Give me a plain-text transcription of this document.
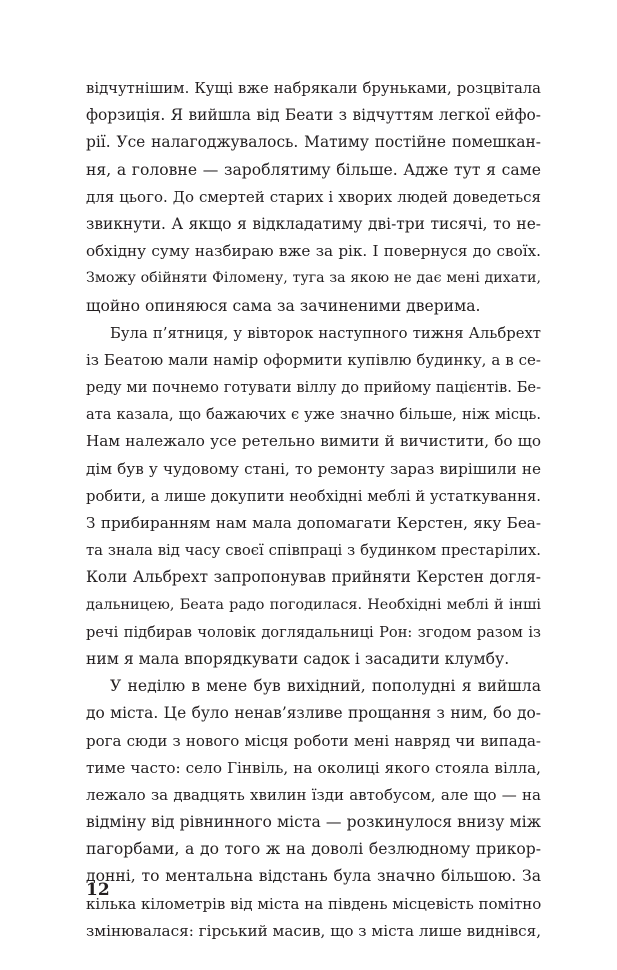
відчутнішим. Кущі вже набрякали бруньками, розцвітала
форзиція. Я вийшла від Беати з відчуттям легкої ейфо-
рії. Усе налагоджувалось. Матиму постійне помешкан-
ня, а головне — зароблятиму більше. Адже тут я саме
для цього. До смертей старих і хворих людей доведеться
звикнути. А якщо я відкладатиму дві-три тисячі, то не-
обхідну суму назбираю вже за рік. І повернуся до своїх.
Зможу обійняти Філомену, туга за якою не дає мені дихати,
щойно опиняюся сама за зачиненими дверима.
Була п’ятниця, у вівторок наступного тижня Альбрехт
із Беатою мали намір оформити купівлю будинку, а в се-
реду ми почнемо готувати віллу до прийому пацієнтів. Бе-
ата казала, що бажаючих є уже значно більше, ніж місць.
Нам належало усе ретельно вимити й вичистити, бо що
дім був у чудовому стані, то ремонту зараз вирішили не
робити, а лише докупити необхідні меблі й устаткування.
З прибиранням нам мала допомагати Керстен, яку Беа-
та знала від часу своєї співпраці з будинком престарілих.
Коли Альбрехт запропонував прийняти Керстен догля-
дальницею, Беата радо погодилася. Необхідні меблі й інші
речі підбирав чоловік доглядальниці Рон: згодом разом із
ним я мала впорядкувати садок і засадити клумбу.
У неділю в мене був вихідний, пополудні я вийшла
до міста. Це було ненав’язливе прощання з ним, бо до-
рога сюди з нового місця роботи мені навряд чи випада-
тиме часто: село Гінвіль, на околиці якого стояла вілла,
лежало за двадцять хвилин їзди автобусом, але що — на
відміну від рівнинного міста — розкинулося внизу між
пагорбами, а до того ж на доволі безлюдному прикор-
донні, то ментальна відстань була значно більшою. За
кілька кілометрів від міста на південь місцевість помітно
змінювалася: гірський масив, що з міста лише виднівся,
12
